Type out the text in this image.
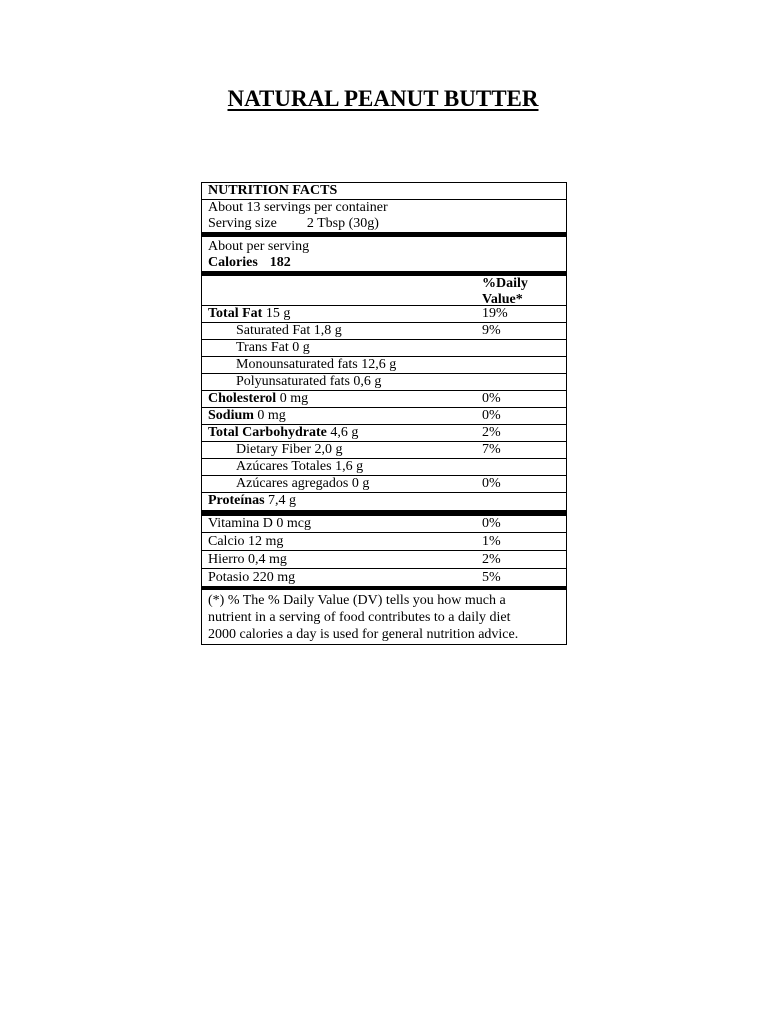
NATURAL PEANUT BUTTER
NUTRITION FACTS
About 13 servings per container
Serving size 2 Tbsp (30g)
About per serving
Calories 182
%Daily
Value*
Total Fat 15 g	19%
Saturated Fat 1,8 g	9%
Trans Fat 0 g
Monounsaturated fats 12,6 g
Polyunsaturated fats 0,6 g
Cholesterol 0 mg	0%
Sodium 0 mg	0%
Total Carbohydrate 4,6 g	2%
Dietary Fiber 2,0 g	7%
Azúcares Totales 1,6 g
Azúcares agregados 0 g	0%
Proteínas 7,4 g
Vitamina D 0 mcg	0%
Calcio 12 mg	1%
Hierro 0,4 mg	2%
Potasio 220 mg	5%
(*) % The % Daily Value (DV) tells you how much a
nutrient in a serving of food contributes to a daily diet
2000 calories a day is used for general nutrition advice.
